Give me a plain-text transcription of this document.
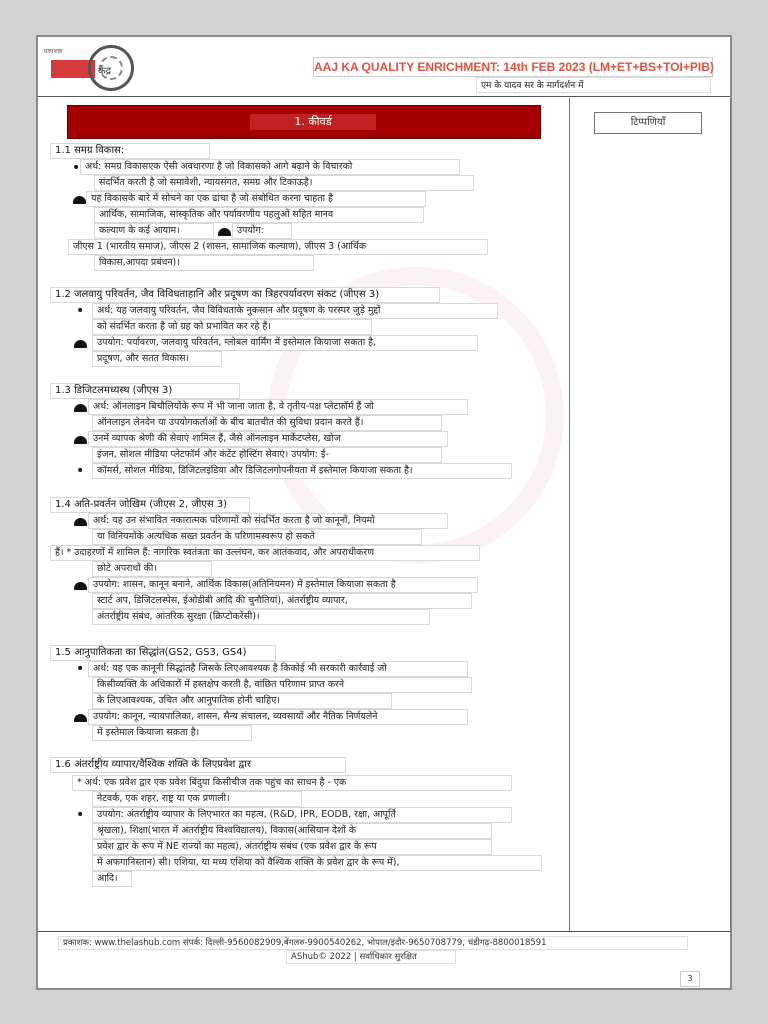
प्रकाशक
केंद्र	AAJ KA QUALITY ENRICHMENT: 14th FEB 2023 (LM+ET+BS+TOI+PIB)
एम के यादव सर के मार्गदर्शन में
टिप्पणियाँ
1. कीवर्ड
1.1 समग्र विकास:
• अर्थ: समग्र विकासएक ऐसी अवधारणा है जो विकासको आगे बढ़ाने के विचारको
संदर्भित करती है जो समावेशी, न्यायसंगत, समग्र और टिकाऊहै।
यह विकासके बारे में सोचने का एक ढांचा है जो संबोधित करना चाहता है
आर्थिक, सामाजिक, सांस्कृतिक और पर्यावरणीय पहलुओं सहित मानव
कल्याण के कई आयाम।	उपयोग:
जीएस 1 (भारतीय समाज), जीएस 2 (शासन, सामाजिक कल्याण), जीएस 3 (आर्थिक
विकास,आपदा प्रबंधन)।
1.2 जलवायु परिवर्तन, जैव विविधताहानि और प्रदूषण का त्रिहरपर्यावरण संकट (जीएस 3)
•	अर्थ: यह जलवायु परिवर्तन, जैव विविधताके नुकसान और प्रदूषण के परस्पर जुड़े मुद्दों
को संदर्भित करता है जो ग्रह को प्रभावित कर रहे हैं।
उपयोग: पर्यावरण, जलवायु परिवर्तन, ग्लोबल वार्मिंग में इस्तेमाल कियाजा सकता है,
प्रदूषण, और सतत विकास।
1.3 डिजिटलमध्यस्थ (जीएस 3)
अर्थ: ऑनलाइन बिचौलियोंके रूप में भी जाना जाता है, वे तृतीय-पक्ष प्लेटफ़ॉर्म हैं जो
ऑनलाइन लेनदेन या उपयोगकर्ताओं के बीच बातचीत की सुविधा प्रदान करते हैं।
उनमें व्यापक श्रेणी की सेवाएं शामिल हैं, जैसे ऑनलाइन मार्केटप्लेस, खोज
इंजन, सोशल मीडिया प्लेटफॉर्म और कंटेंट होस्टिंग सेवाएं। उपयोग: ई-
•	कॉमर्स, सोशल मीडिया, डिजिटलइंडिया और डिजिटलगोपनीयता में इस्तेमाल कियाजा सकता है।
1.4 अति-प्रवर्तन जोखिम (जीएस 2, जीएस 3)
अर्थ: यह उन संभावित नकारात्मक परिणामों को संदर्भित करता है जो कानूनों, नियमों
या विनियमोंके अत्यधिक सख्त प्रवर्तन के परिणामस्वरूप हो सकते
हैं। * उदाहरणों में शामिल हैं: नागरिक स्वतंत्रता का उल्लंघन, कर आतंकवाद, और अपराधीकरण
छोटे अपराधों की।
उपयोग: शासन, कानून बनाने, आर्थिक विकास(अतिनियमन) में इस्तेमाल कियाजा सकता है
स्टार्ट अप, डिजिटलस्पेस, ईओडीबी आदि की चुनौतियां), अंतर्राष्ट्रीय व्यापार,
अंतर्राष्ट्रीय संबंध, आंतरिक सुरक्षा (क्रिप्टोकरेंसी)।
1.5 आनुपातिकता का सिद्धांत(GS2, GS3, GS4)
• अर्थ: यह एक कानूनी सिद्धांतहै जिसके लिएआवश्यक है किकोई भी सरकारी कार्रवाई जो
किसीव्यक्ति के अधिकारों में हस्तक्षेप करती है, वांछित परिणाम प्राप्त करने
के लिएआवश्यक, उचित और आनुपातिक होनी चाहिए।
उपयोग: कानून, न्यायपालिका, शासन, सैन्य संचालन, व्यवसायों और नैतिक निर्णयलेने
में इस्तेमाल कियाजा सकता है।
1.6 अंतर्राष्ट्रीय व्यापार/वैश्विक शक्ति के लिएप्रवेश द्वार
* अर्थ: एक प्रवेश द्वार एक प्रवेश बिंदुया किसीचीज तक पहुंच का साधन है - एक
नेटवर्क, एक शहर, राष्ट्र या एक प्रणाली।
•	उपयोग: अंतर्राष्ट्रीय व्यापार के लिएभारत का महत्व, (R&D, IPR, EODB, रक्षा, आपूर्ति
श्रृंखला), शिक्षा(भारत में अंतर्राष्ट्रीय विश्वविद्यालय), विकास(आसियान देशों के
प्रवेश द्वार के रूप में NE राज्यों का महत्व), अंतर्राष्ट्रीय संबंध (एक प्रवेश द्वार के रूप
में अफगानिस्तान) सी। एशिया, या मध्य एशिया को वैश्विक शक्ति के प्रवेश द्वार के रूप में),
आदि।
प्रकाशक: www.thelashub.com संपर्क: दिल्ली-9560082909,बेंगलरु-9900540262, भोपाल/इंदौर-9650708779, चंडीगढ़-8800018591
AShub© 2022 | सर्वाधिकार सुरक्षित
3
